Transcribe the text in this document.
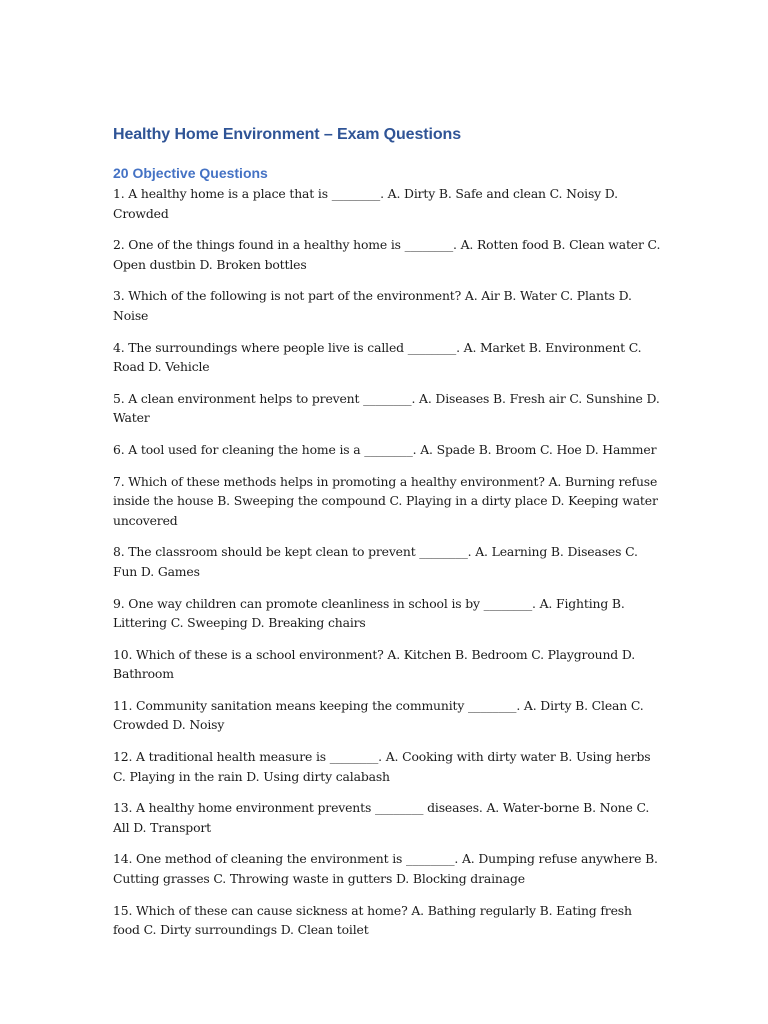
Healthy Home Environment – Exam Questions
20 Objective Questions
1. A healthy home is a place that is ________. A. Dirty B. Safe and clean C. Noisy D. Crowded
2. One of the things found in a healthy home is ________. A. Rotten food B. Clean water C. Open dustbin D. Broken bottles
3. Which of the following is not part of the environment? A. Air B. Water C. Plants D. Noise
4. The surroundings where people live is called ________. A. Market B. Environment C. Road D. Vehicle
5. A clean environment helps to prevent ________. A. Diseases B. Fresh air C. Sunshine D. Water
6. A tool used for cleaning the home is a ________. A. Spade B. Broom C. Hoe D. Hammer
7. Which of these methods helps in promoting a healthy environment? A. Burning refuse inside the house B. Sweeping the compound C. Playing in a dirty place D. Keeping water uncovered
8. The classroom should be kept clean to prevent ________. A. Learning B. Diseases C. Fun D. Games
9. One way children can promote cleanliness in school is by ________. A. Fighting B. Littering C. Sweeping D. Breaking chairs
10. Which of these is a school environment? A. Kitchen B. Bedroom C. Playground D. Bathroom
11. Community sanitation means keeping the community ________. A. Dirty B. Clean C. Crowded D. Noisy
12. A traditional health measure is ________. A. Cooking with dirty water B. Using herbs C. Playing in the rain D. Using dirty calabash
13. A healthy home environment prevents ________ diseases. A. Water-borne B. None C. All D. Transport
14. One method of cleaning the environment is ________. A. Dumping refuse anywhere B. Cutting grasses C. Throwing waste in gutters D. Blocking drainage
15. Which of these can cause sickness at home? A. Bathing regularly B. Eating fresh food C. Dirty surroundings D. Clean toilet
